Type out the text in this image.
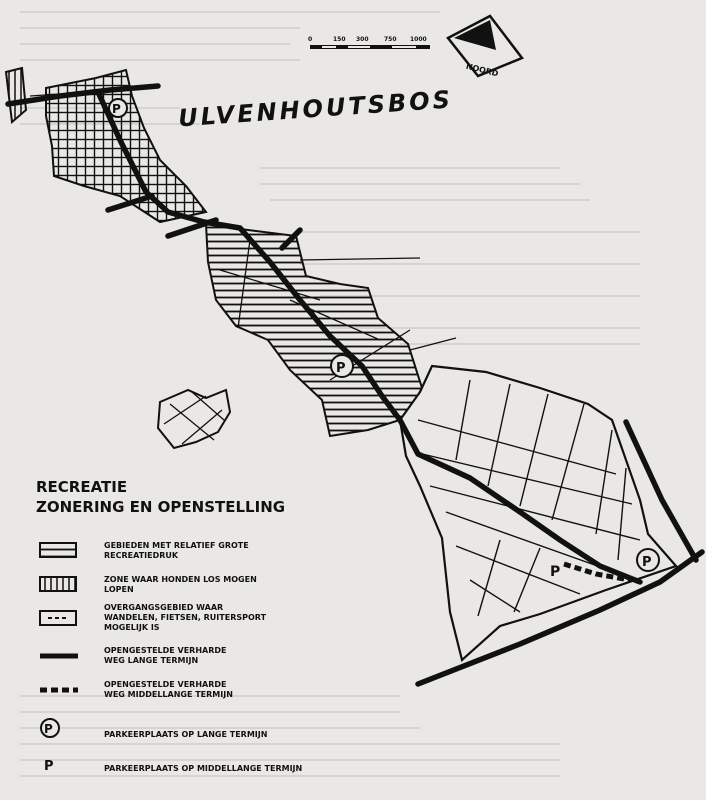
NOORD
0	150 300	750 1000
ULVENHOUTSBOS
P
P
P
P
RECREATIE
ZONERING EN OPENSTELLING
GEBIEDEN MET RELATIEF GROTE
RECREATIEDRUK
ZONE WAAR HONDEN LOS MOGEN
LOPEN
OVERGANGSGEBIED WAAR
WANDELEN, FIETSEN, RUITERSPORT
MOGELIJK IS
OPENGESTELDE VERHARDE
WEG LANGE TERMIJN
OPENGESTELDE VERHARDE
WEG MIDDELLANGE TERMIJN
P	PARKEERPLAATS OP LANGE TERMIJN
P	PARKEERPLAATS OP MIDDELLANGE TERMIJN
